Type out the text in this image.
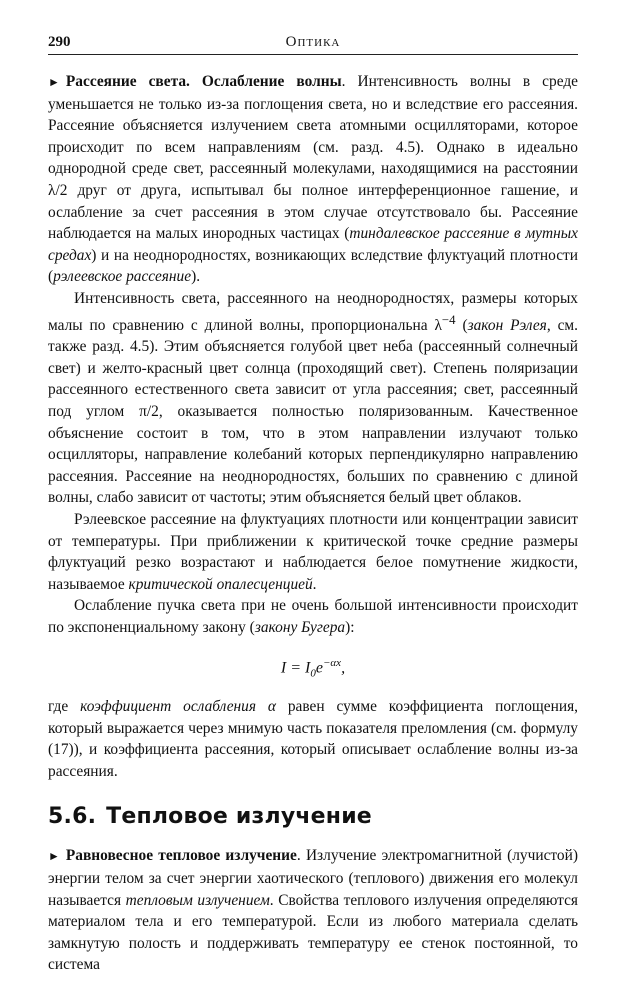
290	Оптика

► Рассеяние света. Ослабление волны. Интенсивность волны в среде уменьшается не только из-за поглощения света, но и вследствие его рассеяния. Рассеяние объясняется излучением света атомными осцилляторами, которое происходит по всем направлениям (см. разд. 4.5). Однако в идеально однородной среде свет, рассеянный молекулами, находящимися на расстоянии λ/2 друг от друга, испытывал бы полное интерференционное гашение, и ослабление за счет рассеяния в этом случае отсутствовало бы. Рассеяние наблюдается на малых инородных частицах (тиндалевское рассеяние в мутных средах) и на неоднородностях, возникающих вследствие флуктуаций плотности (рэлеевское рассеяние).

Интенсивность света, рассеянного на неоднородностях, размеры которых малы по сравнению с длиной волны, пропорциональна $\lambda^{-4}$ (закон Рэлея, см. также разд. 4.5). Этим объясняется голубой цвет неба (рассеянный солнечный свет) и желто-красный цвет солнца (проходящий свет). Степень поляризации рассеянного естественного света зависит от угла рассеяния; свет, рассеянный под углом π/2, оказывается полностью поляризованным. Качественное объяснение состоит в том, что в этом направлении излучают только осцилляторы, направление колебаний которых перпендикулярно направлению рассеяния. Рассеяние на неоднородностях, больших по сравнению с длиной волны, слабо зависит от частоты; этим объясняется белый цвет облаков.

Рэлеевское рассеяние на флуктуациях плотности или концентрации зависит от температуры. При приближении к критической точке средние размеры флуктуаций резко возрастают и наблюдается белое помутнение жидкости, называемое критической опалесценцией.

Ослабление пучка света при не очень большой интенсивности происходит по экспоненциальному закону (закону Бугера):

$I = I_0e^{-\alpha x}$,

где коэффициент ослабления α равен сумме коэффициента поглощения, который выражается через мнимую часть показателя преломления (см. формулу (17)), и коэффициента рассеяния, который описывает ослабление волны из-за рассеяния.

5.6. Тепловое излучение

► Равновесное тепловое излучение. Излучение электромагнитной (лучистой) энергии телом за счет энергии хаотического (теплового) движения его молекул называется тепловым излучением. Свойства теплового излучения определяются материалом тела и его температурой. Если из любого материала сделать замкнутую полость и поддерживать температуру ее стенок постоянной, то система
